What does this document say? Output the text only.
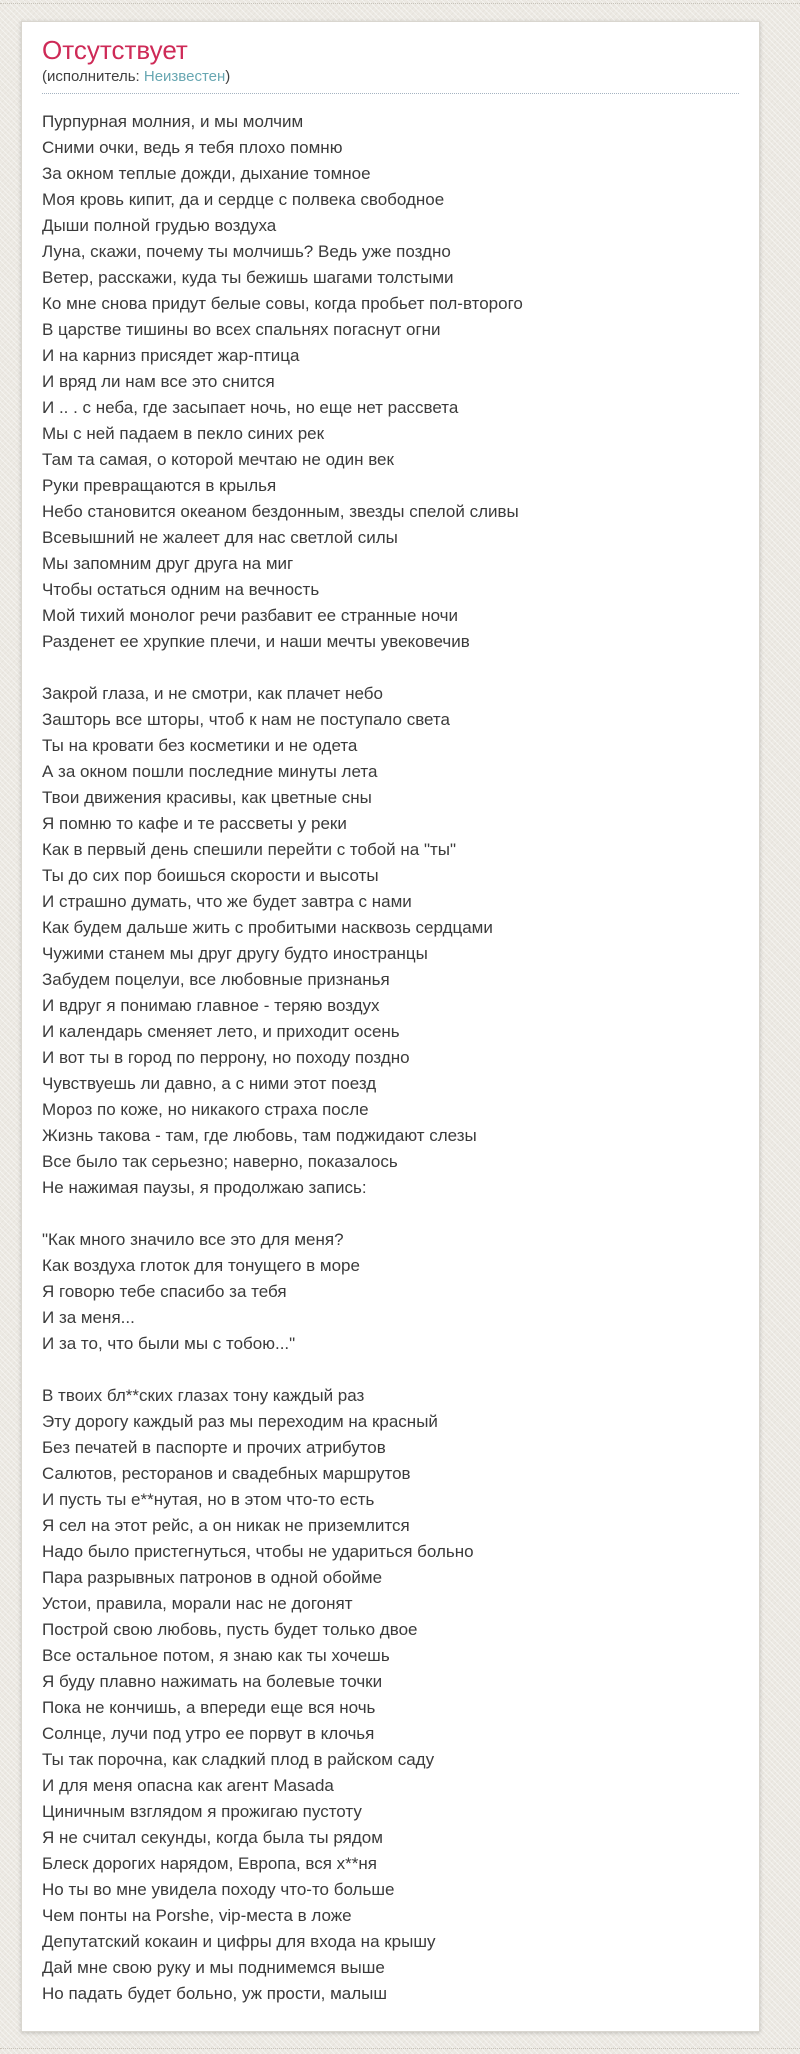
Отсутствует
(исполнитель: Неизвестен)
Пурпурная молния, и мы молчим
Сними очки, ведь я тебя плохо помню
За окном теплые дожди, дыхание томное
Моя кровь кипит, да и сердце с полвека свободное
Дыши полной грудью воздуха
Луна, скажи, почему ты молчишь? Ведь уже поздно
Ветер, расскажи, куда ты бежишь шагами толстыми
Ко мне снова придут белые совы, когда пробьет пол-второго
В царстве тишины во всех спальнях погаснут огни
И на карниз присядет жар-птица
И вряд ли нам все это снится
И .. . с неба, где засыпает ночь, но еще нет рассвета
Мы с ней падаем в пекло синих рек
Там та самая, о которой мечтаю не один век
Руки превращаются в крылья
Небо становится океаном бездонным, звезды спелой сливы
Всевышний не жалеет для нас светлой силы
Мы запомним друг друга на миг
Чтобы остаться одним на вечность
Мой тихий монолог речи разбавит ее странные ночи
Разденет ее хрупкие плечи, и наши мечты увековечив
Закрой глаза, и не смотри, как плачет небо
Зашторь все шторы, чтоб к нам не поступало света
Ты на кровати без косметики и не одета
А за окном пошли последние минуты лета
Твои движения красивы, как цветные сны
Я помню то кафе и те рассветы у реки
Как в первый день спешили перейти с тобой на "ты"
Ты до сих пор боишься скорости и высоты
И страшно думать, что же будет завтра с нами
Как будем дальше жить с пробитыми насквозь сердцами
Чужими станем мы друг другу будто иностранцы
Забудем поцелуи, все любовные признанья
И вдруг я понимаю главное - теряю воздух
И календарь сменяет лето, и приходит осень
И вот ты в город по перрону, но походу поздно
Чувствуешь ли давно, а с ними этот поезд
Мороз по коже, но никакого страха после
Жизнь такова - там, где любовь, там поджидают слезы
Все было так серьезно; наверно, показалось
Не нажимая паузы, я продолжаю запись:
"Как много значило все это для меня?
Как воздуха глоток для тонущего в море
Я говорю тебе спасибо за тебя
И за меня...
И за то, что были мы с тобою..."
В твоих бл**ских глазах тону каждый раз
Эту дорогу каждый раз мы переходим на красный
Без печатей в паспорте и прочих атрибутов
Салютов, ресторанов и свадебных маршрутов
И пусть ты е**нутая, но в этом что-то есть
Я сел на этот рейс, а он никак не приземлится
Надо было пристегнуться, чтобы не удариться больно
Пара разрывных патронов в одной обойме
Устои, правила, морали нас не догонят
Построй свою любовь, пусть будет только двое
Все остальное потом, я знаю как ты хочешь
Я буду плавно нажимать на болевые точки
Пока не кончишь, а впереди еще вся ночь
Солнце, лучи под утро ее порвут в клочья
Ты так порочна, как сладкий плод в райском саду
И для меня опасна как агент Masada
Циничным взглядом я прожигаю пустоту
Я не считал секунды, когда была ты рядом
Блеск дорогих нарядом, Европа, вся х**ня
Но ты во мне увидела походу что-то больше
Чем понты на Porshe, vip-места в ложе
Депутатский кокаин и цифры для входа на крышу
Дай мне свою руку и мы поднимемся выше
Но падать будет больно, уж прости, малыш
